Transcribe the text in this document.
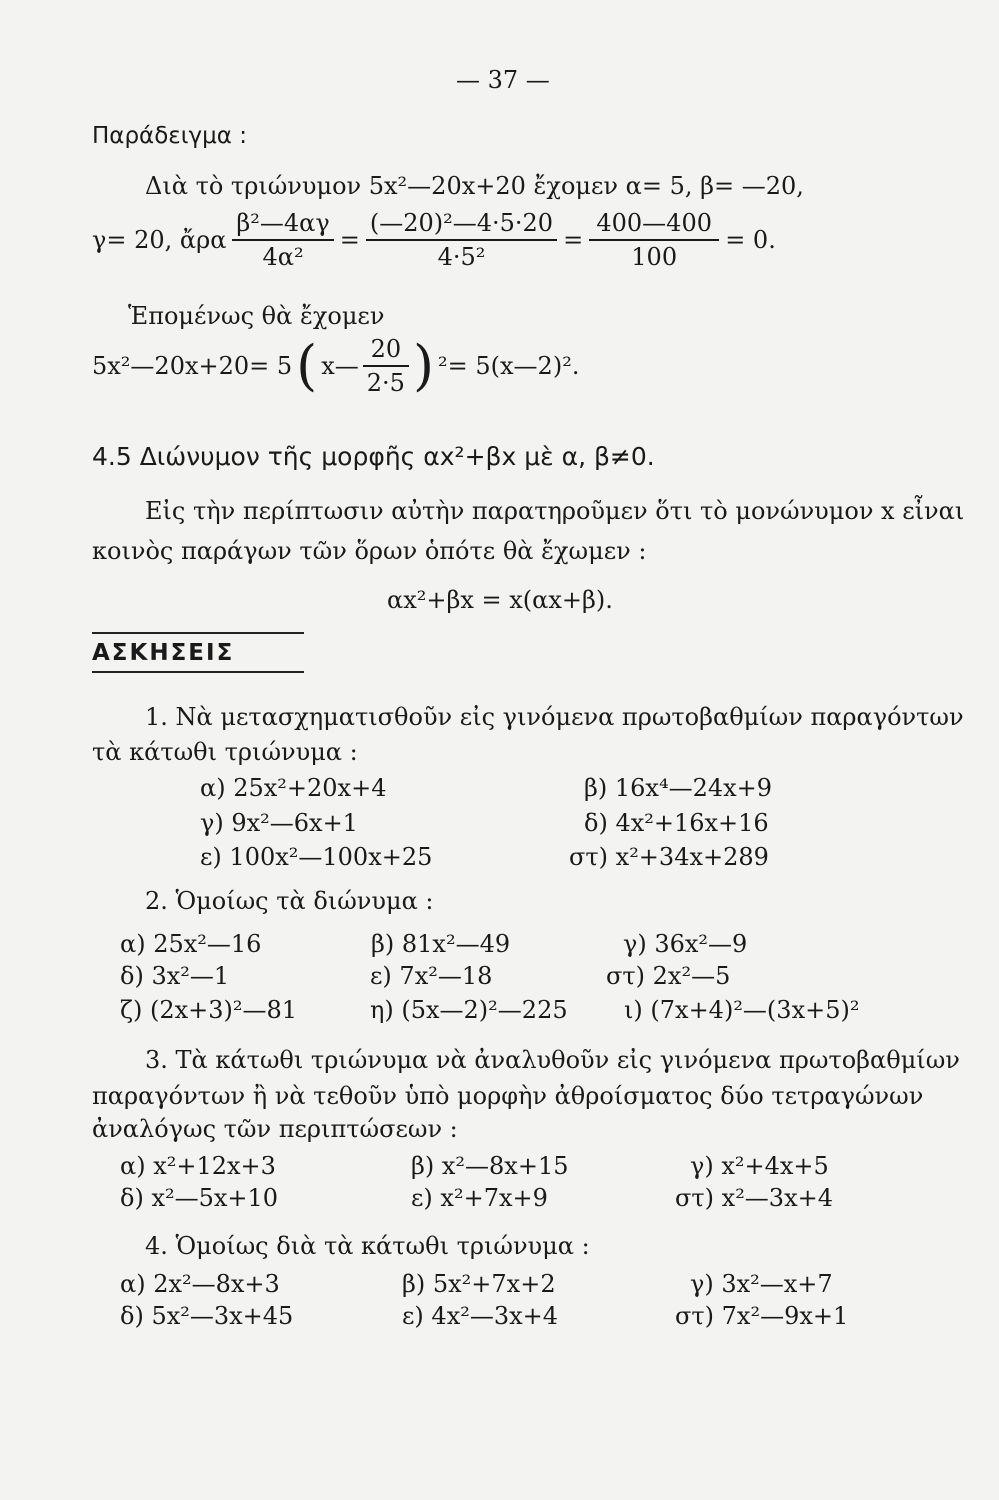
— 37 —
Παράδειγμα :
Διὰ τὸ τριώνυμον 5x²—20x+20 ἔχομεν α= 5, β= —20,
γ= 20, ἄρα $\frac{\text{β²—4αγ}}{\text{4α²}} = \frac{\text{(—20)²—4·5·20}}{\text{4·5²}} = \frac{400—400}{100} = 0$.
Ἑπομένως θὰ ἔχομεν
5x²—20x+20= 5 ( x— $\frac{20}{2\cdot 5}$ ) ²= 5(x—2)².
4.5 Διώνυμον τῆς μορφῆς αx²+βx μὲ α, β≠0.
Εἰς τὴν περίπτωσιν αὐτὴν παρατηροῦμεν ὅτι τὸ μονώνυμον x εἶναι
κοινὸς παράγων τῶν ὅρων ὁπότε θὰ ἔχωμεν :
αx²+βx = x(αx+β).
ΑΣΚΗΣΕΙΣ
1. Νὰ μετασχηματισθοῦν εἰς γινόμενα πρωτοβαθμίων παραγόντων
τὰ κάτωθι τριώνυμα :
α) 25x²+20x+4	β) 16x⁴—24x+9
γ) 9x²—6x+1	δ) 4x²+16x+16
ε) 100x²—100x+25	στ) x²+34x+289
2. Ὁμοίως τὰ διώνυμα :
α) 25x²—16	β) 81x²—49	γ) 36x²—9
δ) 3x²—1	ε) 7x²—18	στ) 2x²—5
ζ) (2x+3)²—81	η) (5x—2)²—225 ι) (7x+4)²—(3x+5)²
3. Τὰ κάτωθι τριώνυμα νὰ ἀναλυθοῦν εἰς γινόμενα πρωτοβαθμίων
παραγόντων ἢ νὰ τεθοῦν ὑπὸ μορφὴν ἀθροίσματος δύο τετραγώνων
ἀναλόγως τῶν περιπτώσεων :
α) x²+12x+3	β) x²—8x+15	γ) x²+4x+5
δ) x²—5x+10	ε) x²+7x+9	στ) x²—3x+4
4. Ὁμοίως διὰ τὰ κάτωθι τριώνυμα :
α) 2x²—8x+3	β) 5x²+7x+2	γ) 3x²—x+7
δ) 5x²—3x+45	ε) 4x²—3x+4	στ) 7x²—9x+1
